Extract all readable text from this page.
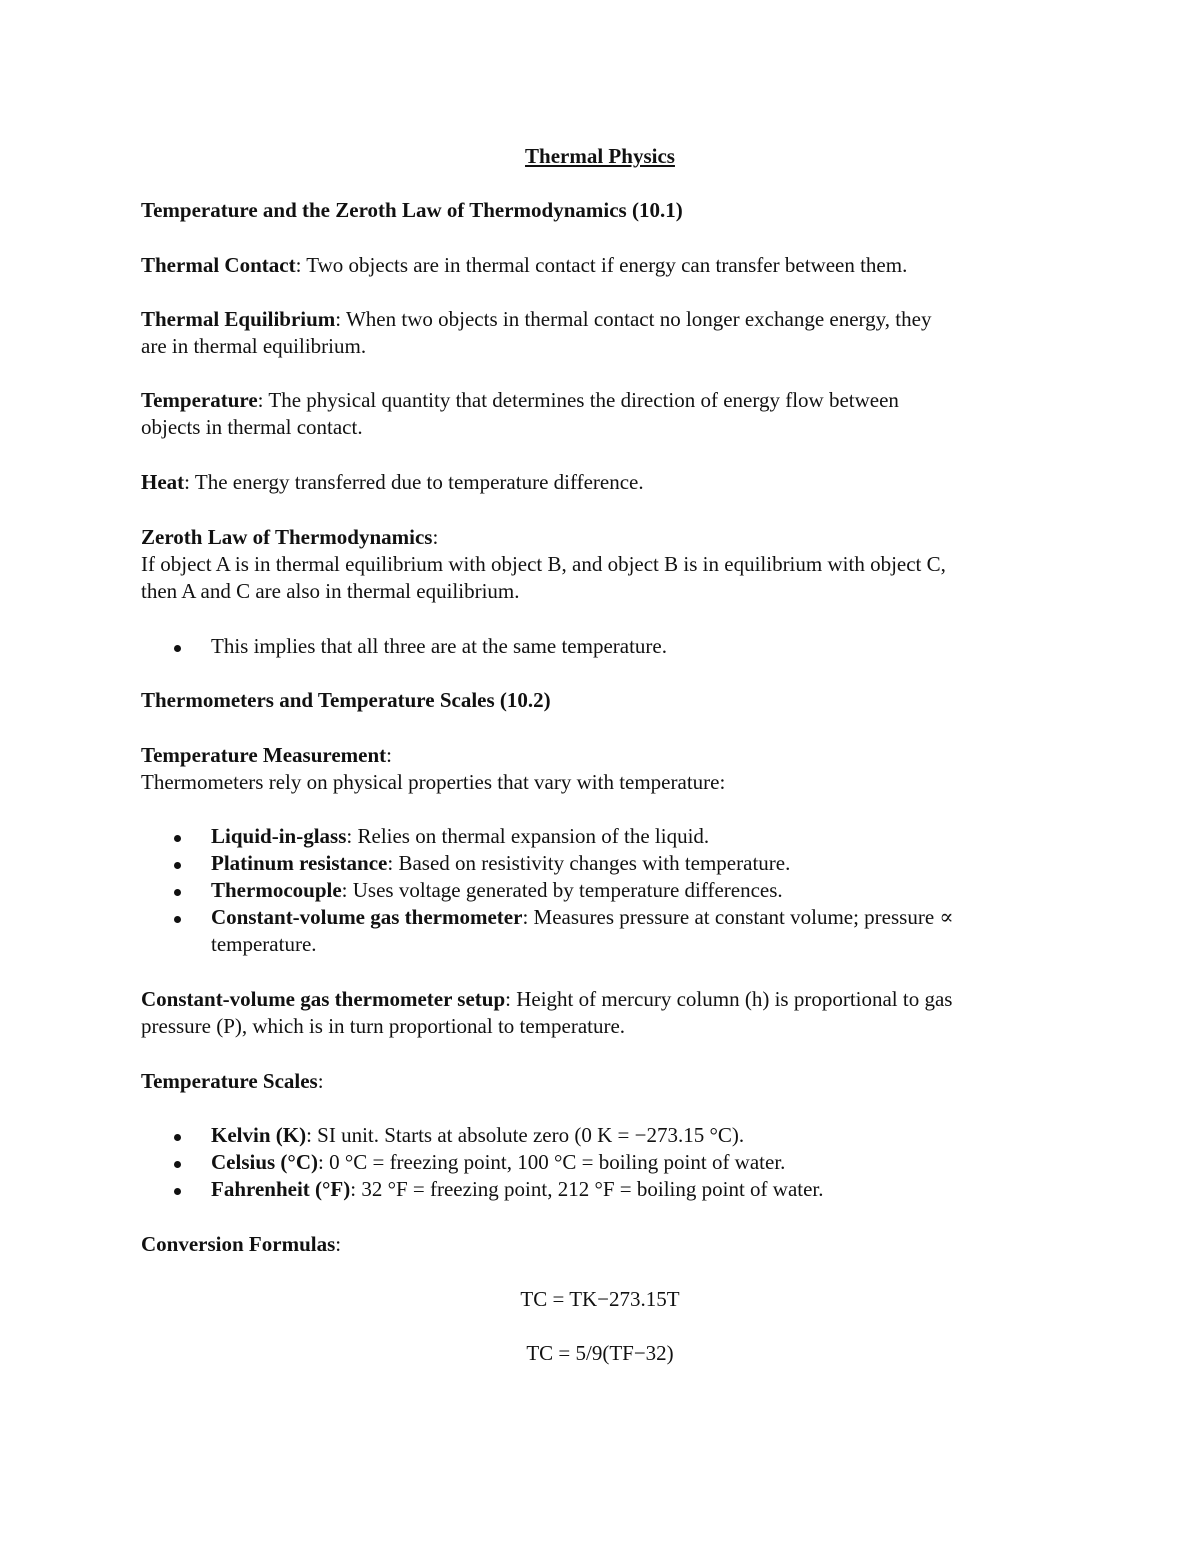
Thermal Physics
Temperature and the Zeroth Law of Thermodynamics (10.1)
Thermal Contact: Two objects are in thermal contact if energy can transfer between them.
Thermal Equilibrium: When two objects in thermal contact no longer exchange energy, they
are in thermal equilibrium.
Temperature: The physical quantity that determines the direction of energy flow between
objects in thermal contact.
Heat: The energy transferred due to temperature difference.
Zeroth Law of Thermodynamics:
If object A is in thermal equilibrium with object B, and object B is in equilibrium with object C,
then A and C are also in thermal equilibrium.
This implies that all three are at the same temperature.
Thermometers and Temperature Scales (10.2)
Temperature Measurement:
Thermometers rely on physical properties that vary with temperature:
Liquid-in-glass: Relies on thermal expansion of the liquid.
Platinum resistance: Based on resistivity changes with temperature.
Thermocouple: Uses voltage generated by temperature differences.
Constant-volume gas thermometer: Measures pressure at constant volume; pressure ∝
temperature.
Constant-volume gas thermometer setup: Height of mercury column (h) is proportional to gas
pressure (P), which is in turn proportional to temperature.
Temperature Scales:
Kelvin (K): SI unit. Starts at absolute zero (0 K = −273.15 °C).
Celsius (°C): 0 °C = freezing point, 100 °C = boiling point of water.
Fahrenheit (°F): 32 °F = freezing point, 212 °F = boiling point of water.
Conversion Formulas:
TC = TK−273.15T
TC = 5/9(TF−32)
